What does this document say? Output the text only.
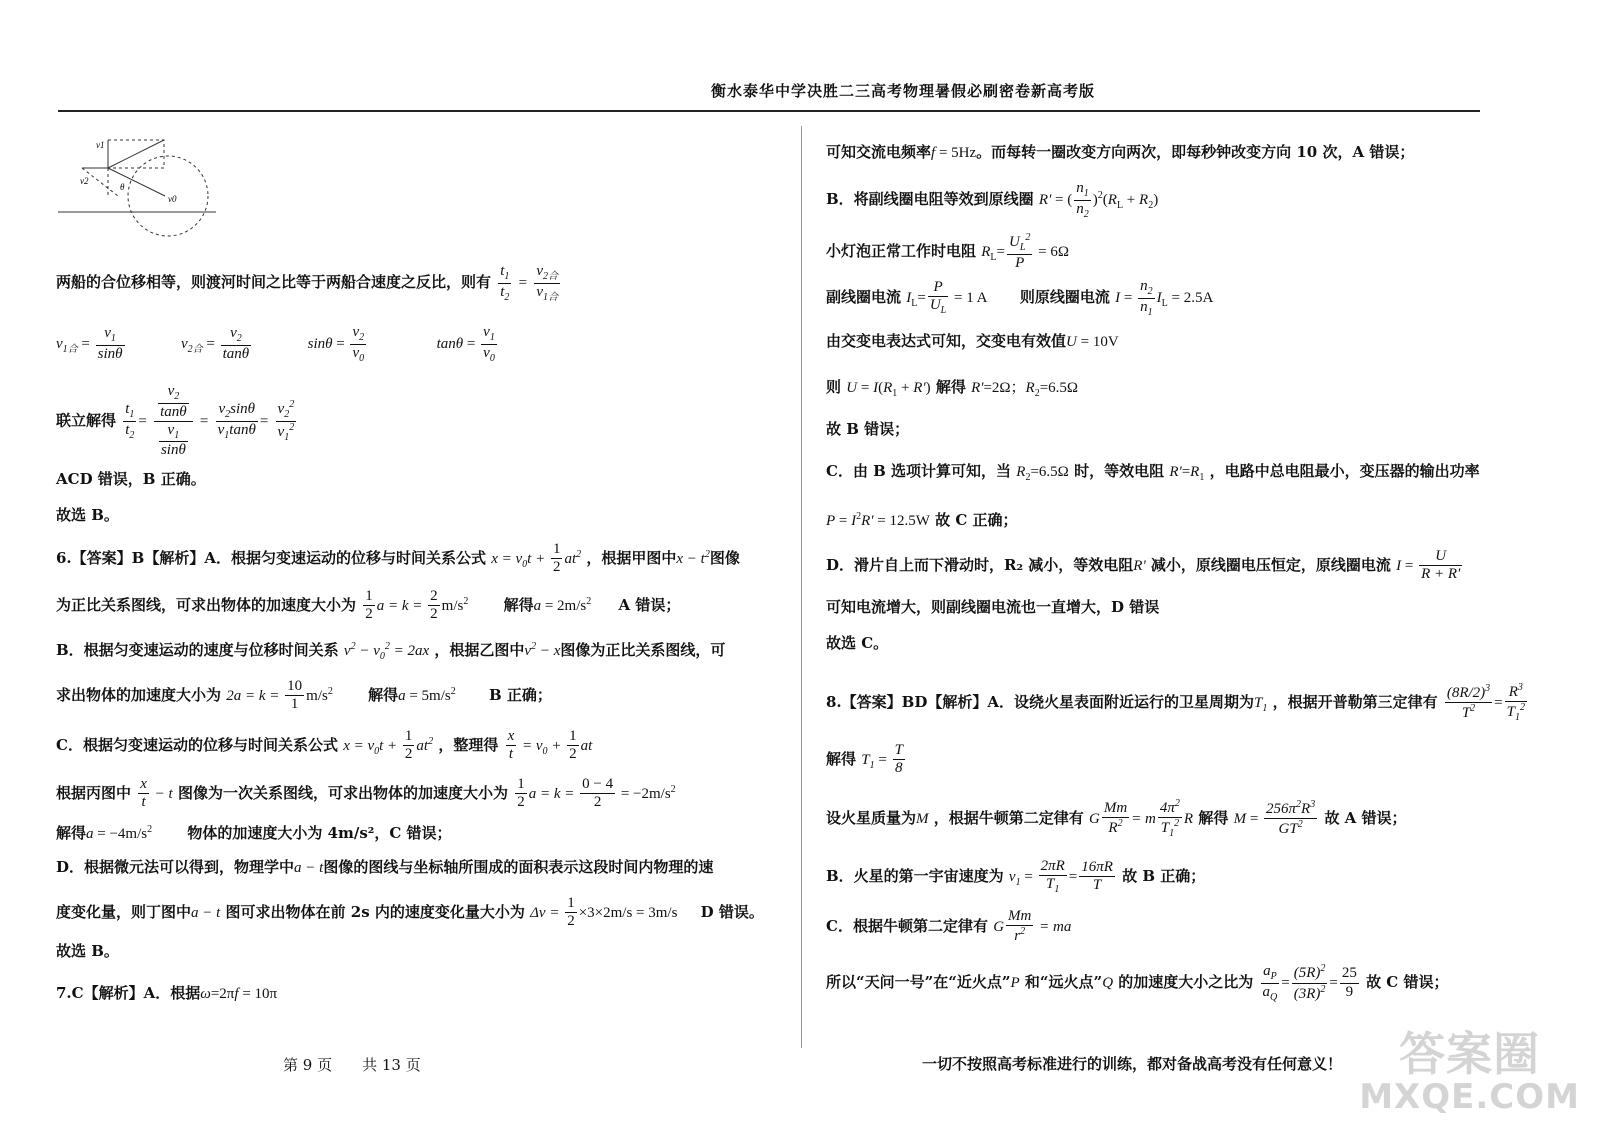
衡水泰华中学决胜二三高考物理暑假必刷密卷新高考版
v1
v2
θ
v0
两船的合位移相等，则渡河时间之比等于两船合速度之反比，则有 $\frac{t_1}{t_2} = \frac{v_{2合}}{v_{1合}}$
$v_{1合} = \frac{v_1}{\sin\theta}$	$v_{2合} = \frac{v_2}{\tan\theta}$	$\sin\theta = \frac{v_2}{v_0}$	$\tan\theta = \frac{v_1}{v_0}$
联立解得 $\frac{t_1}{t_2} = \frac{\frac{v_2}{\tan\theta}}{\frac{v_1}{\sin\theta}} = \frac{v_2\sin\theta}{v_1\tan\theta} = \frac{v_2^2}{v_1^2}$
ACD 错误，B 正确。
故选 B。
6.【答案】B【解析】A．根据匀变速运动的位移与时间关系公式 $x = v_0t + \frac{1}{2} at^2$ ，根据甲图中$x - t^2$图像
为正比关系图线，可求出物体的加速度大小为 $\frac{1}{2}$ $a = k = \frac{2}{2} m/s^2$ 解得$a = 2m/s^2$ A 错误；
B．根据匀变速运动的速度与位移时间关系 $v^2 - v_0^2 = 2ax$ ，根据乙图中$v^2 - x$图像为正比关系图线，可
求出物体的加速度大小为 $2a = k = \frac{10}{1} m/s^2$ 解得$a = 5m/s^2$ B 正确；
C．根据匀变速运动的位移与时间关系公式 $x = v_0t + \frac{1}{2} at^2$ ，整理得 $\frac{x}{t} = v_0 + \frac{1}{2}$ at
根据丙图中 $\frac{x}{t} - t$ 图像为一次关系图线，可求出物体的加速度大小为 $\frac{1}{2}$ $a = k = \frac{0 - 4}{2} = -2m/s^2$
解得$a = -4m/s^2$ 物体的加速度大小为 4m/s²，C 错误；
D．根据微元法可以得到，物理学中a − t图像的图线与坐标轴所围成的面积表示这段时间内物理的速
度变化量，则丁图中a − t 图可求出物体在前 2s 内的速度变化量大小为 $\Delta v = \frac{1}{2} \times 3\times 2m/s = 3m/s$ D 错误。
故选 B。
7.C【解析】A．根据ω=2πf = 10π
可知交流电频率f = 5Hz。而每转一圈改变方向两次，即每秒钟改变方向 10 次，A 错误；
B．将副线圈电阻等效到原线圈 R' = ( $\frac{n_1}{n_2} )^2(R_L + R_2)$
小灯泡正常工作时电阻 $R_L= \frac{U_L^2}{P} = 6\Omega$
副线圈电流 $I_L= \frac{P}{U_L} = 1$ A 则原线圈电流 $I = \frac{n_2}{n_1} I_L = 2.5A$
由交变电表达式可知，交变电有效值U = 10V
则 $U = I(R_1 + R')$ 解得 R'=2Ω；$R_2=6.5\Omega$
故 B 错误；
C．由 B 选项计算可知，当 $R_2=6.5\Omega$ 时，等效电阻 $R'=R_1$ ，电路中总电阻最小，变压器的输出功率
$P = I^2R' = 12.5W$ 故 C 正确；
D．滑片自上而下滑动时，R₂ 减小，等效电阻R' 减小，原线圈电压恒定，原线圈电流 $I = \frac{U}{R + R'}$
可知电流增大，则副线圈电流也一直增大，D 错误
故选 C。
8.【答案】BD【解析】A．设绕火星表面附近运行的卫星周期为$T_1$ ，根据开普勒第三定律有 $\frac{(8R/2)^3}{T^2} = \frac{R^3}{T_1^2}$
解得 $T_1 = \frac{T}{8}$
设火星质量为M ，根据牛顿第二定律有 G $\frac{Mm}{R^2} = m \frac{4\pi^2}{T_1^2}$ R 解得 $M = \frac{256\pi^2R^3}{GT^2}$ 故 A 错误；
B．火星的第一宇宙速度为 $v_1 = \frac{2\pi R}{T_1} = \frac{16\pi R}{T}$ 故 B 正确；
C．根据牛顿第二定律有 G $\frac{Mm}{r^2}$ = ma
所以“天问一号”在“近火点”P 和“远火点”Q 的加速度大小之比为 $\frac{a_P}{a_Q} = \frac{(5R)^2}{(3R)^2} = \frac{25}{9}$ 故 C 错误；
第 9 页　　共 13 页	一切不按照高考标准进行的训练，都对备战高考没有任何意义！	答案圈
MXQE.COM
